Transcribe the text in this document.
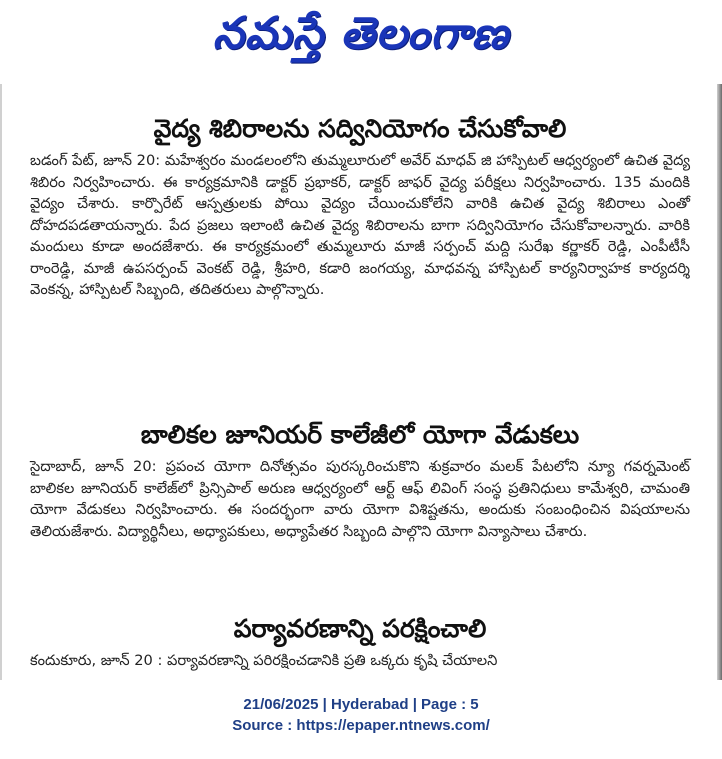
నమస్తే తెలంగాణ
వైద్య శిబిరాలను సద్వినియోగం చేసుకోవాలి
బడంగ్ పేట్, జూన్ 20: మహేశ్వరం మండలంలోని తుమ్మలూరులో అవేర్ మాధవ్ జి హాస్పిటల్ ఆధ్వర్యంలో ఉచిత వైద్య శిబిరం నిర్వహించారు. ఈ కార్యక్రమానికి డాక్టర్ ప్రభాకర్, డాక్టర్ జాఫర్ వైద్య పరీక్షలు నిర్వహించారు. 135 మందికి వైద్యం చేశారు. కార్పొరేట్ ఆస్పత్రులకు పోయి వైద్యం చేయించుకోలేని వారికి ఉచిత వైద్య శిబిరాలు ఎంతో దోహదపడతాయన్నారు. పేద ప్రజలు ఇలాంటి ఉచిత వైద్య శిబిరాలను బాగా సద్వినియోగం చేసుకోవాలన్నారు. వారికి మందులు కూడా అందజేశారు. ఈ కార్యక్రమంలో తుమ్మలూరు మాజీ సర్పంచ్ మద్ది సురేఖ కర్ణాకర్ రెడ్డి, ఎంపీటీసీ రాంరెడ్డి, మాజీ ఉపసర్పంచ్ వెంకట్ రెడ్డి, శ్రీహరి, కడారి జంగయ్య, మాధవన్న హాస్పిటల్ కార్యనిర్వాహక కార్యదర్శి వెంకన్న, హాస్పిటల్ సిబ్బంది, తదితరులు పాల్గొన్నారు.
బాలికల జూనియర్ కాలేజీలో యోగా వేడుకలు
సైదాబాద్, జూన్ 20: ప్రపంచ యోగా దినోత్సవం పురస్కరించుకొని శుక్రవారం మలక్ పేటలోని న్యూ గవర్నమెంట్ బాలికల జూనియర్ కాలేజ్‌లో ప్రిన్సిపాల్ అరుణ ఆధ్వర్యంలో ఆర్ట్ ఆఫ్ లివింగ్ సంస్థ ప్రతినిధులు కామేశ్వరి, చామంతి యోగా వేడుకలు నిర్వహించారు. ఈ సందర్భంగా వారు యోగా విశిష్టతను, అందుకు సంబంధించిన విషయాలను తెలియజేశారు. విద్యార్థినీలు, అధ్యాపకులు, అధ్యాపేతర సిబ్బంది పాల్గొని యోగా విన్యాసాలు చేశారు.
పర్యావరణాన్ని పరక్షించాలి
కందుకూరు, జూన్ 20 : పర్యావరణాన్ని పరిరక్షించడానికి ప్రతి ఒక్కరు కృషి చేయాలని
21/06/2025 | Hyderabad | Page : 5
Source : https://epaper.ntnews.com/
